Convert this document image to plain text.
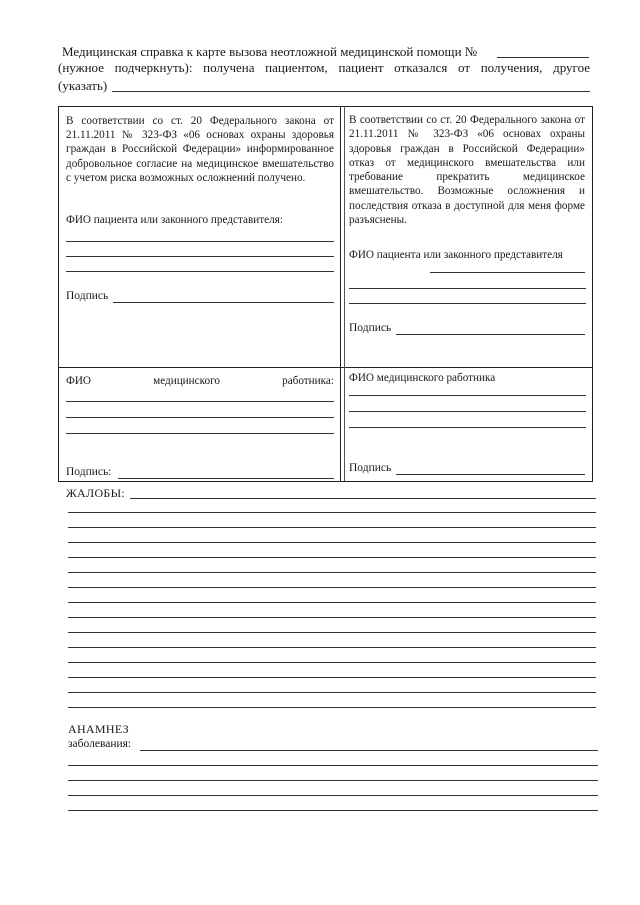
Медицинская справка к карте вызова неотложной медицинской помощи №
(нужное подчеркнуть): получена пациентом, пациент отказался от получения, другое
(указать)
В соответствии со ст. 20 Федерального закона от 21.11.2011 № 323-ФЗ «06 основах охраны здоровья граждан в Российской Федерации» информированное добровольное согласие на медицинское вмешательство с учетом риска возможных осложнений получено.
ФИО пациента или законного представителя:
Подпись
В соответствии со ст. 20 Федерального закона от 21.11.2011 № 323-ФЗ «06 основах охраны здоровья граждан в Российской Федерации» отказ от медицинского вмешательства или требование прекратить медицинское вмешательство. Возможные осложнения и последствия отказа в доступной для меня форме разъяснены.
ФИО пациента или законного представителя
Подпись
ФИО медицинского работника:
Подпись:
ФИО медицинского работника
Подпись
ЖАЛОБЫ:
АНАМНЕЗ
заболевания:
